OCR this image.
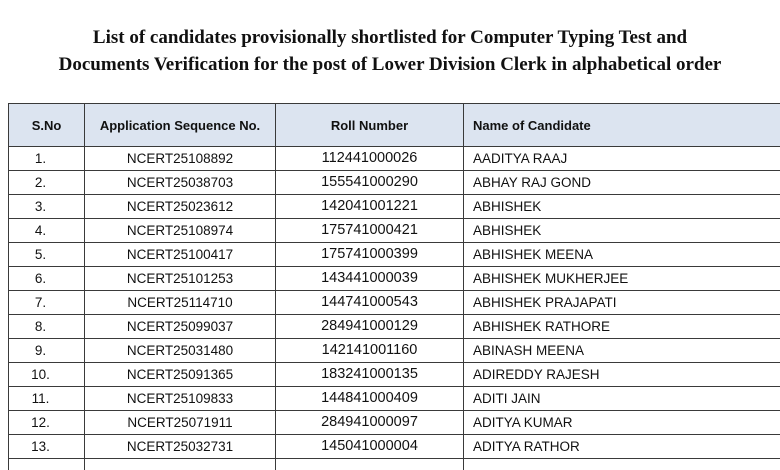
List of candidates provisionally shortlisted for Computer Typing Test and
Documents Verification for the post of Lower Division Clerk in alphabetical order
S.No	Application Sequence No.	Roll Number	Name of Candidate
1.	NCERT25108892	112441000026	AADITYA RAAJ
2.	NCERT25038703	155541000290	ABHAY RAJ GOND
3.	NCERT25023612	142041001221	ABHISHEK
4.	NCERT25108974	175741000421	ABHISHEK
5.	NCERT25100417	175741000399	ABHISHEK MEENA
6.	NCERT25101253	143441000039	ABHISHEK MUKHERJEE
7.	NCERT25114710	144741000543	ABHISHEK PRAJAPATI
8.	NCERT25099037	284941000129	ABHISHEK RATHORE
9.	NCERT25031480	142141001160	ABINASH MEENA
10.	NCERT25091365	183241000135	ADIREDDY RAJESH
11.	NCERT25109833	144841000409	ADITI JAIN
12.	NCERT25071911	284941000097	ADITYA KUMAR
13.	NCERT25032731	145041000004	ADITYA RATHOR
